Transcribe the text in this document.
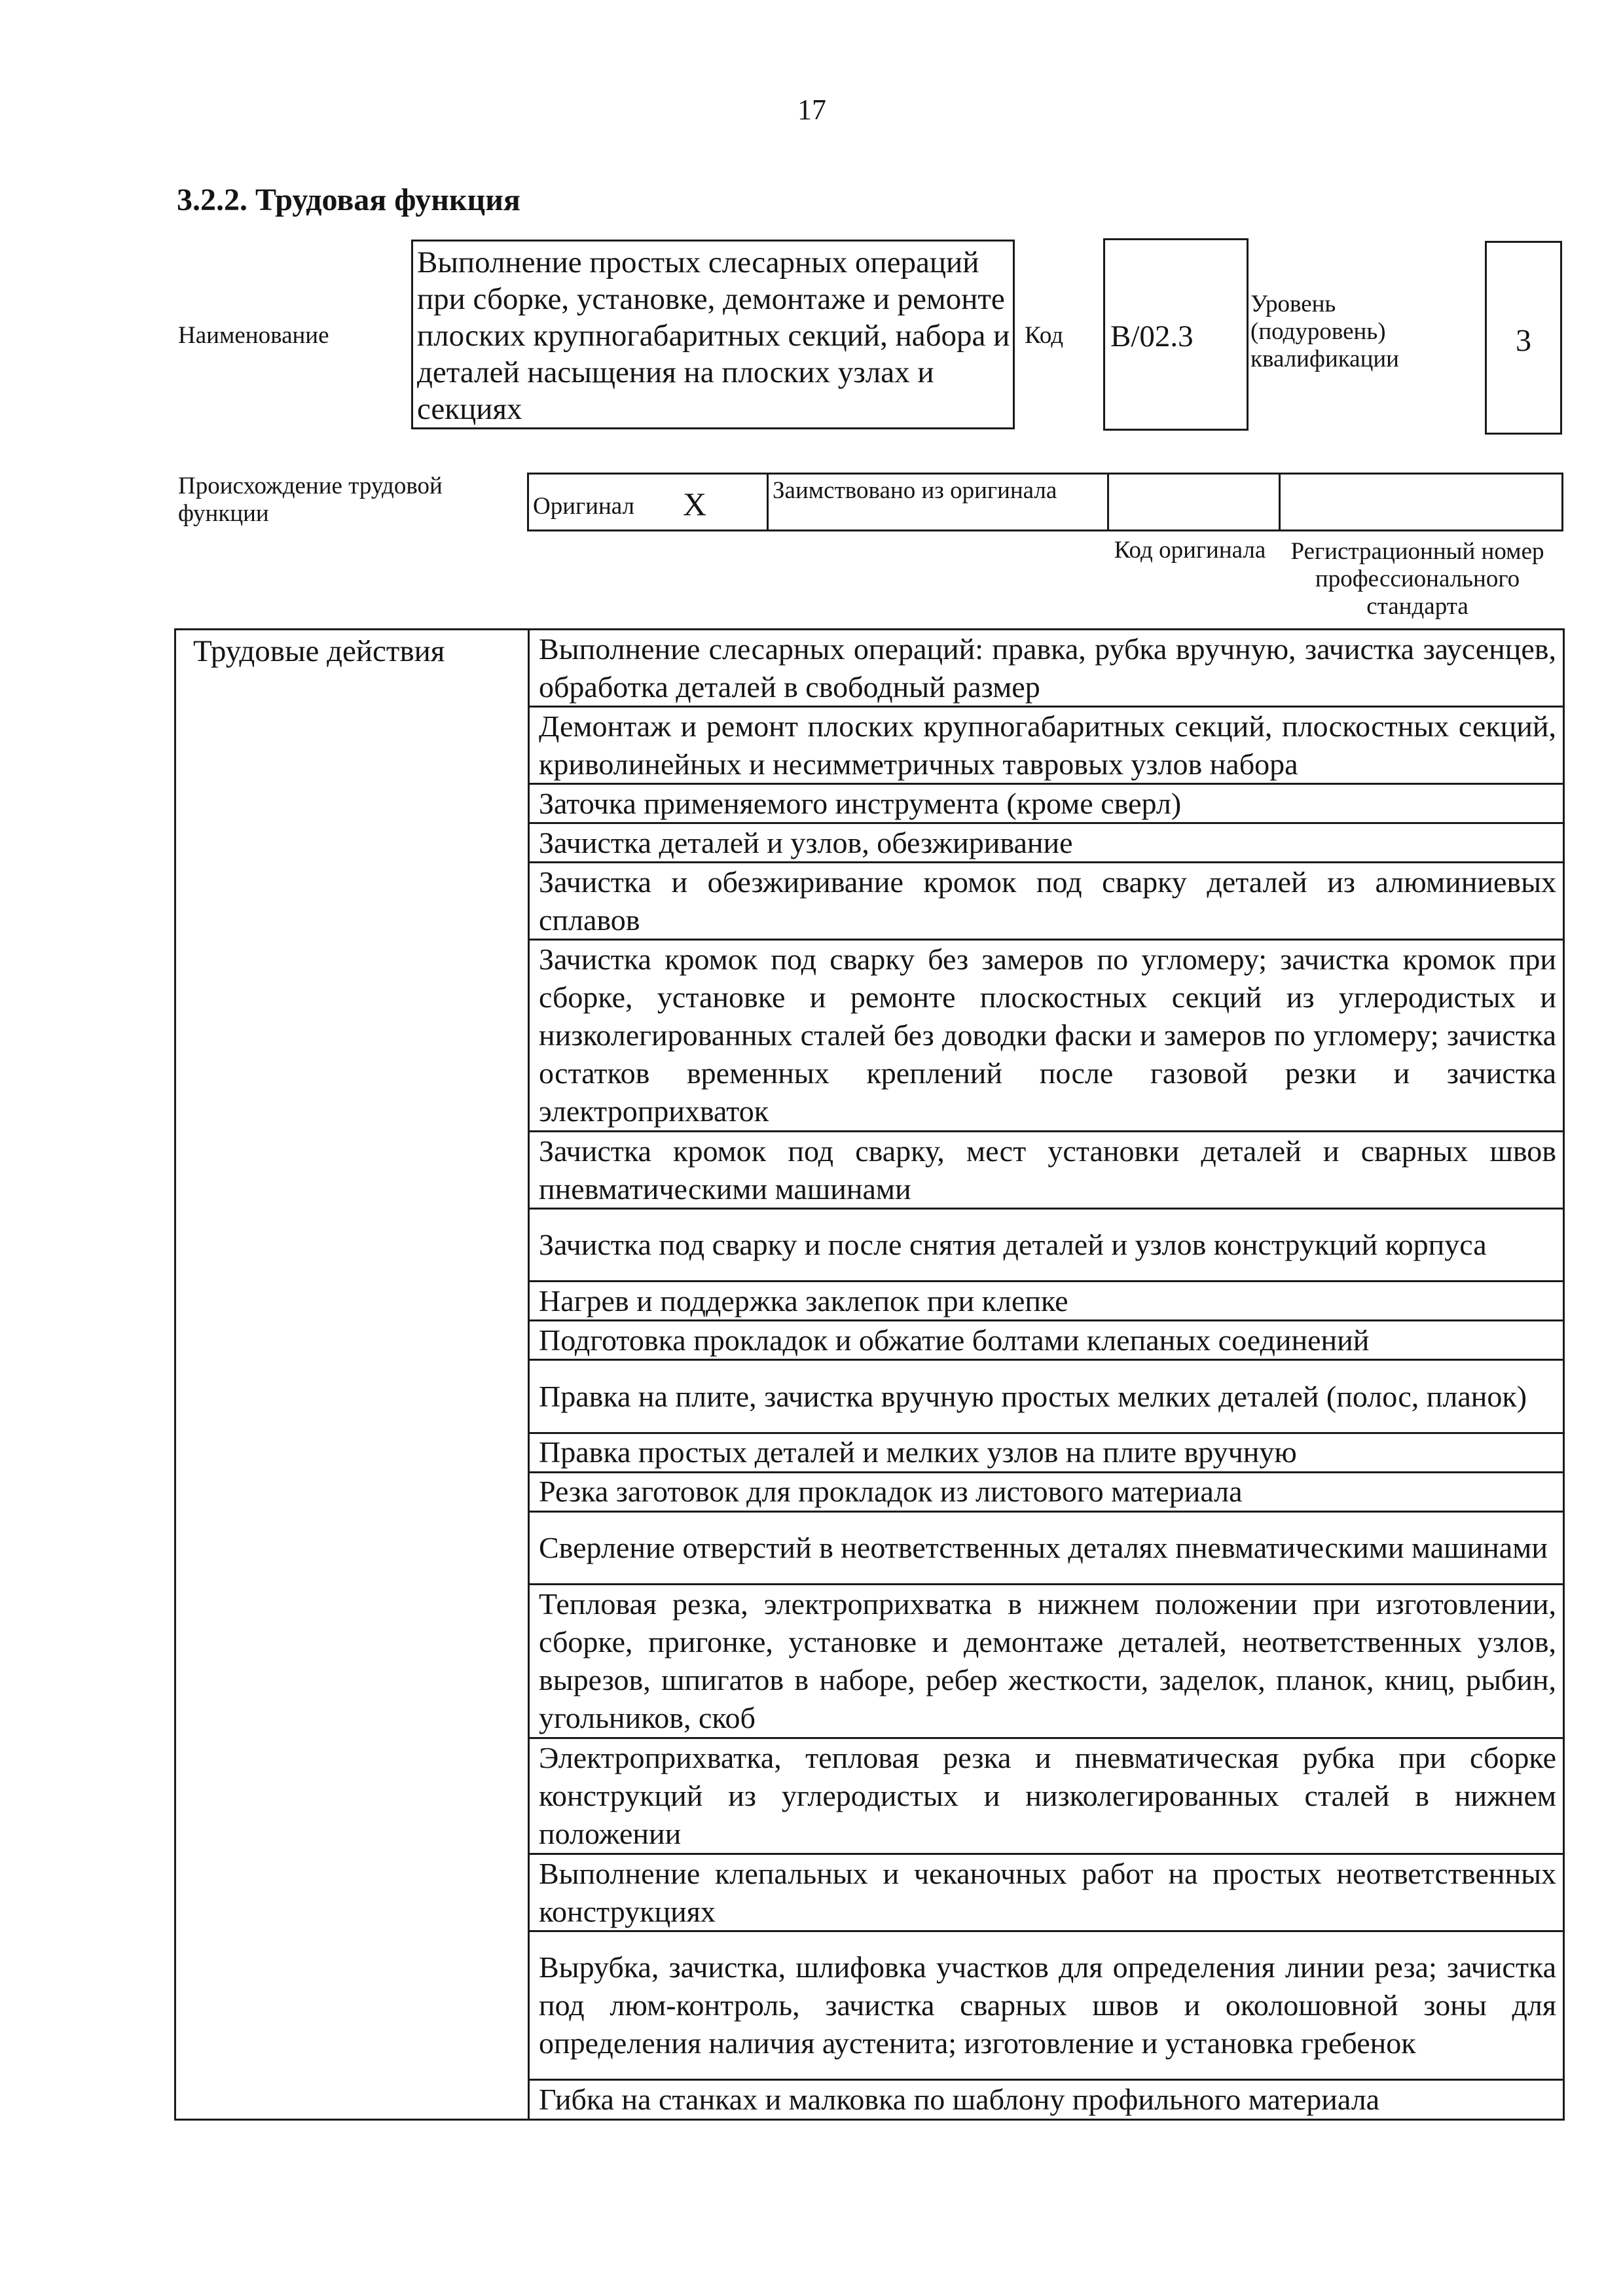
17
3.2.2. Трудовая функция
Наименование
Выполнение простых слесарных операций при сборке, установке, демонтаже и ремонте плоских крупногабаритных секций, набора и деталей насыщения на плоских узлах и секциях
Код B/02.3
Уровень (подуровень) квалификации
3
Происхождение трудовой функции	Оригинал X	Заимствовано из оригинала
Код оригинала	Регистрационный номер профессионального стандарта
Трудовые действия	Выполнение слесарных операций: правка, рубка вручную, зачистка заусенцев, обработка деталей в свободный размер
Демонтаж и ремонт плоских крупногабаритных секций, плоскостных секций, криволинейных и несимметричных тавровых узлов набора
Заточка применяемого инструмента (кроме сверл)
Зачистка деталей и узлов, обезжиривание
Зачистка и обезжиривание кромок под сварку деталей из алюминиевых сплавов
Зачистка кромок под сварку без замеров по угломеру; зачистка кромок при сборке, установке и ремонте плоскостных секций из углеродистых и низколегированных сталей без доводки фаски и замеров по угломеру; зачистка остатков временных креплений после газовой резки и зачистка электроприхваток
Зачистка кромок под сварку, мест установки деталей и сварных швов пневматическими машинами
Зачистка под сварку и после снятия деталей и узлов конструкций корпуса
Нагрев и поддержка заклепок при клепке
Подготовка прокладок и обжатие болтами клепаных соединений
Правка на плите, зачистка вручную простых мелких деталей (полос, планок)
Правка простых деталей и мелких узлов на плите вручную
Резка заготовок для прокладок из листового материала
Сверление отверстий в неответственных деталях пневматическими машинами
Тепловая резка, электроприхватка в нижнем положении при изготовлении, сборке, пригонке, установке и демонтаже деталей, неответственных узлов, вырезов, шпигатов в наборе, ребер жесткости, заделок, планок, книц, рыбин, угольников, скоб
Электроприхватка, тепловая резка и пневматическая рубка при сборке конструкций из углеродистых и низколегированных сталей в нижнем положении
Выполнение клепальных и чеканочных работ на простых неответственных конструкциях
Вырубка, зачистка, шлифовка участков для определения линии реза; зачистка под люм-контроль, зачистка сварных швов и околошовной зоны для определения наличия аустенита; изготовление и установка гребенок
Гибка на станках и малковка по шаблону профильного материала
